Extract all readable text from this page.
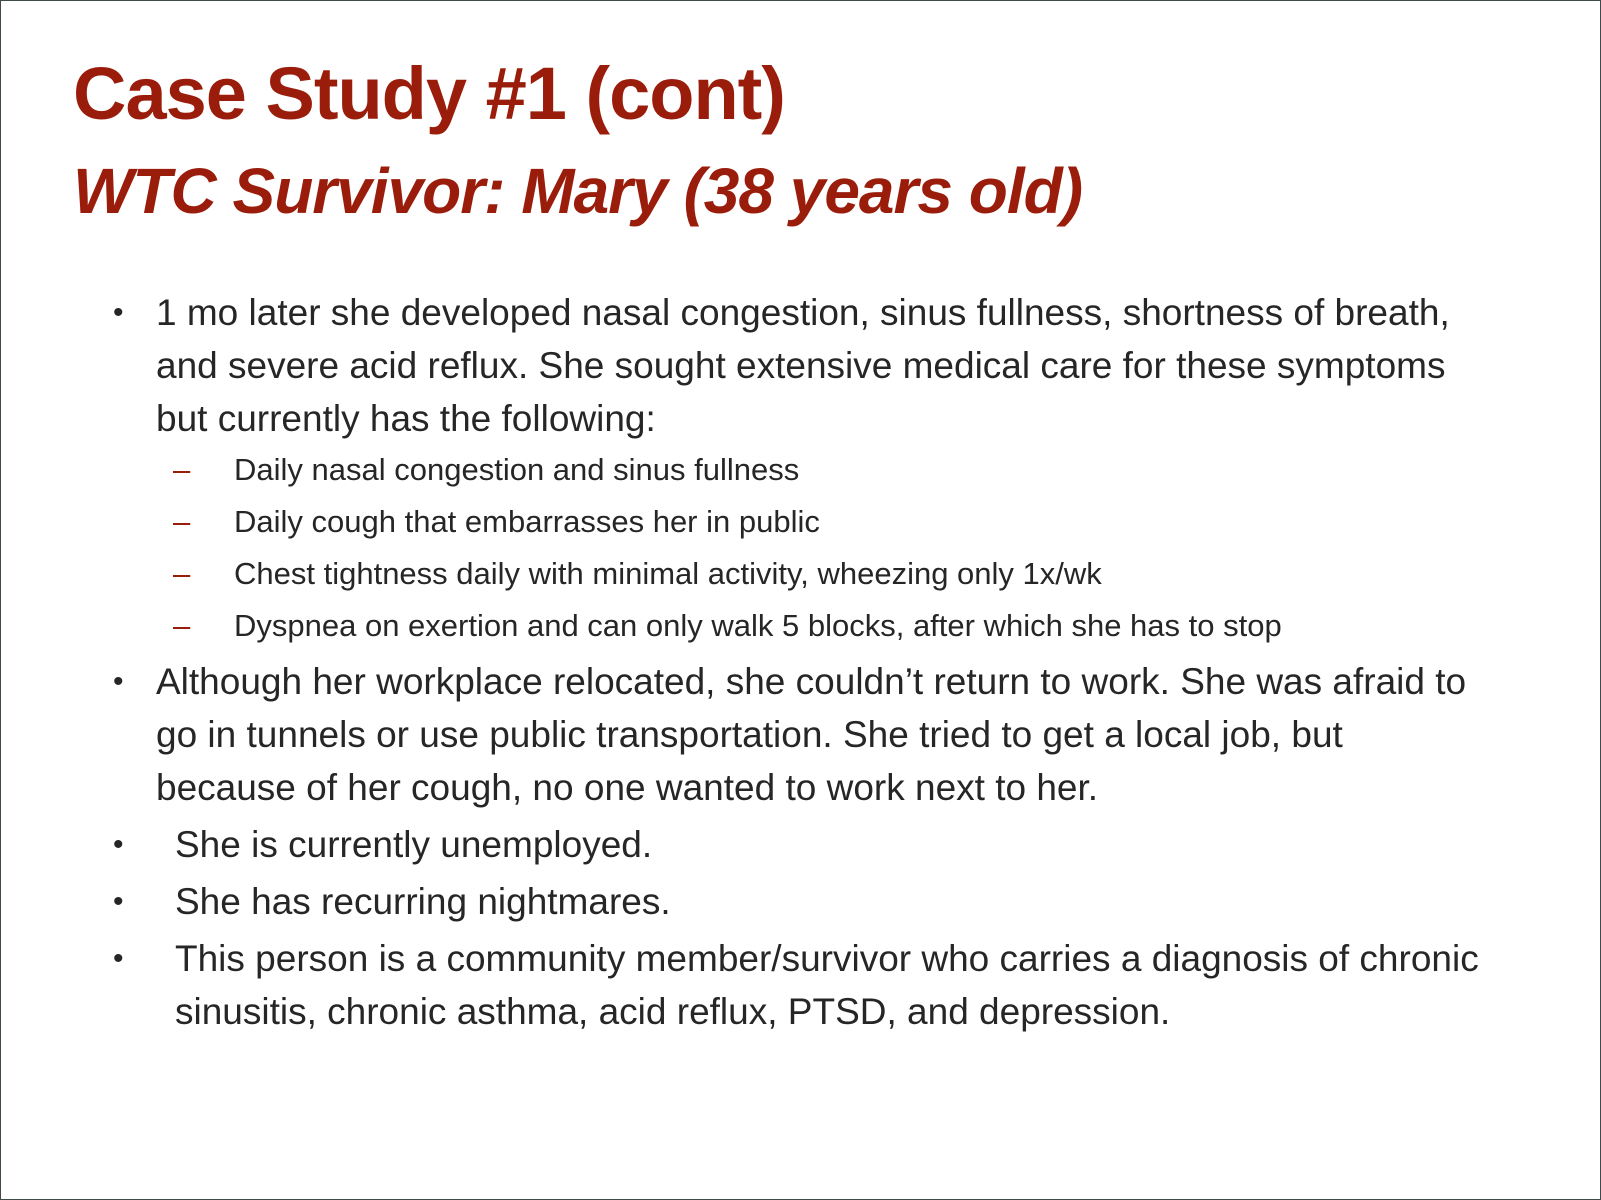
Case Study #1 (cont)
WTC Survivor: Mary (38 years old)
• 1 mo later she developed nasal congestion, sinus fullness, shortness of breath, and severe acid reflux. She sought extensive medical care for these symptoms but currently has the following:
– Daily nasal congestion and sinus fullness
– Daily cough that embarrasses her in public
– Chest tightness daily with minimal activity, wheezing only 1x/wk
– Dyspnea on exertion and can only walk 5 blocks, after which she has to stop
• Although her workplace relocated, she couldn’t return to work. She was afraid to go in tunnels or use public transportation. She tried to get a local job, but because of her cough, no one wanted to work next to her.
• She is currently unemployed.
• She has recurring nightmares.
• This person is a community member/survivor who carries a diagnosis of chronic sinusitis, chronic asthma, acid reflux, PTSD, and depression.
